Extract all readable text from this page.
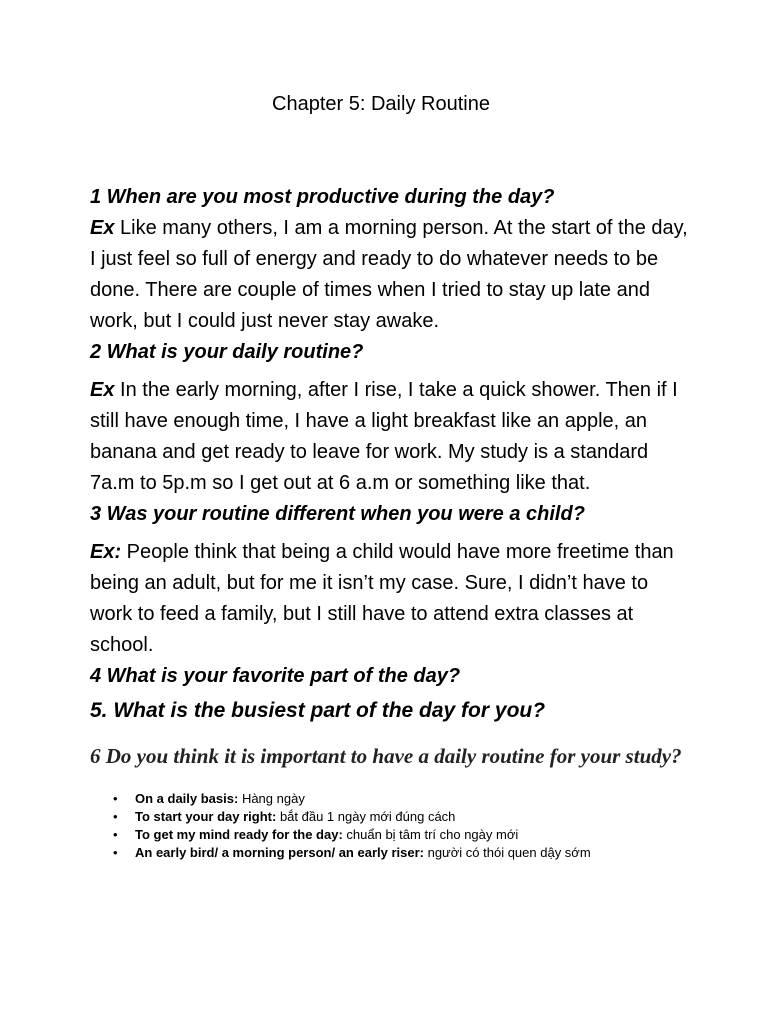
Chapter 5: Daily Routine

1 When are you most productive during the day?

Ex Like many others, I am a morning person. At the start of the day, I just feel so full of energy and ready to do whatever needs to be done. There are couple of times when I tried to stay up late and work, but I could just never stay awake.

2 What is your daily routine?

Ex In the early morning, after I rise, I take a quick shower. Then if I still have enough time, I have a light breakfast like an apple, an banana and get ready to leave for work. My study is a standard 7a.m to 5p.m so I get out at 6 a.m or something like that.

3 Was your routine different when you were a child?

Ex: People think that being a child would have more freetime than being an adult, but for me it isn’t my case. Sure, I didn’t have to work to feed a family, but I still have to attend extra classes at school.

4 What is your favorite part of the day?

5. What is the busiest part of the day for you?

6 Do you think it is important to have a daily routine for your study?

• On a daily basis: Hàng ngày
• To start your day right: bắt đầu 1 ngày mới đúng cách
• To get my mind ready for the day: chuẩn bị tâm trí cho ngày mới
• An early bird/ a morning person/ an early riser: người có thói quen dậy sớm
